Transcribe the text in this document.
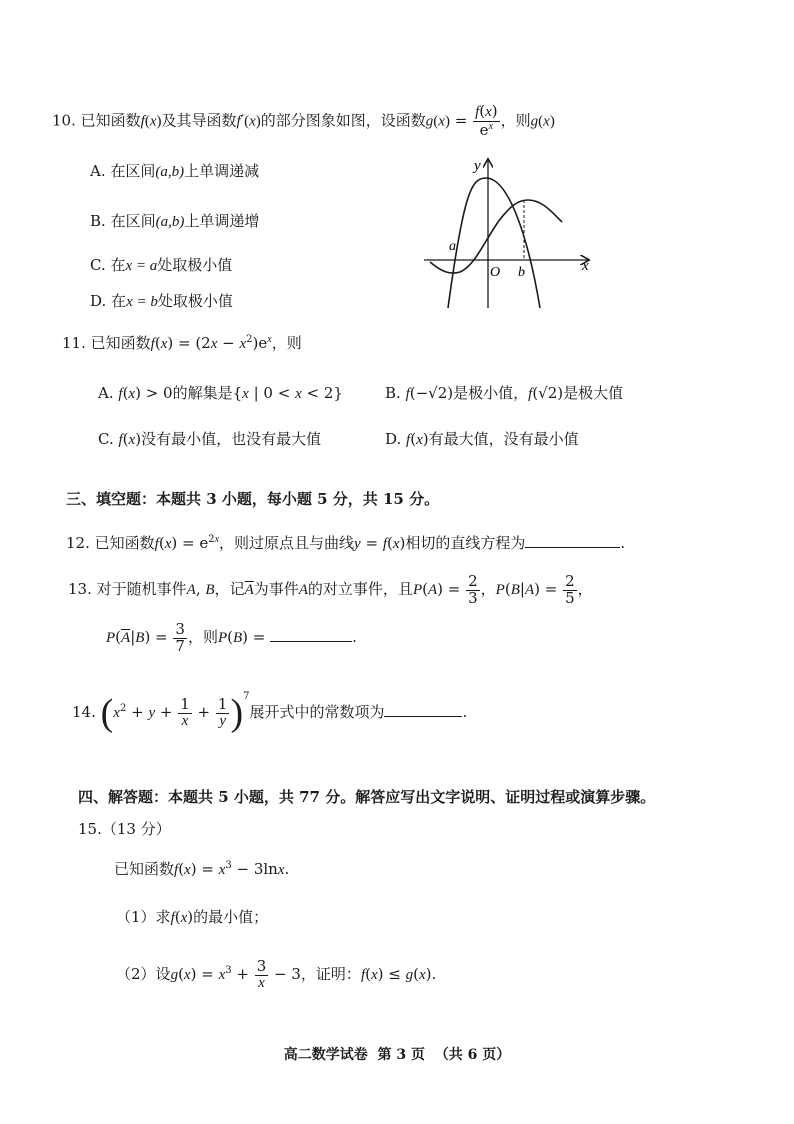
10. 已知函数f(x)及其导函数f′(x)的部分图象如图，设函数$g(x) = \frac{f(x)}{e^x}$ ，则g(x)
A. 在区间(a,b)上单调递减
B. 在区间(a,b)上单调递增
C. 在x = a处取极小值
D. 在x = b处取极小值
y
x
a
O b
11. 已知函数$f(x) = (2x - x^2)e^x$，则
A. f(x) > 0的解集是{x | 0 < x < 2}	B. f(−√2)是极小值，f(√2)是极大值
C. f(x)没有最小值，也没有最大值	D. f(x)有最大值，没有最小值
三、填空题：本题共 3 小题，每小题 5 分，共 15 分。
12. 已知函数$f(x) = e^{2x}$，则过原点且与曲线y = f(x)相切的直线方程为	.
13. 对于随机事件A, B，记$\overline{A}$为事件A的对立事件，且$P(A) = \frac{2}{3}$ ，$P(B|A) = \frac{2}{5}$ ，
$P(\overline{A}|B) = \frac{3}{7}$ ，则P(B) =	.
14. $(x^2 + y + \frac{1}{x} + \frac{1}{y} )^7$展开式中的常数项为	.
四、解答题：本题共 5 小题，共 77 分。解答应写出文字说明、证明过程或演算步骤。
15.（13 分）
已知函数$f(x) = x^3 - 3\ln x$.
（1）求f(x)的最小值；
（2）设$g(x) = x^3 + \frac{3}{x} - 3$，证明：f(x) ≤ g(x).
高二数学试卷  第 3 页  （共 6 页）
